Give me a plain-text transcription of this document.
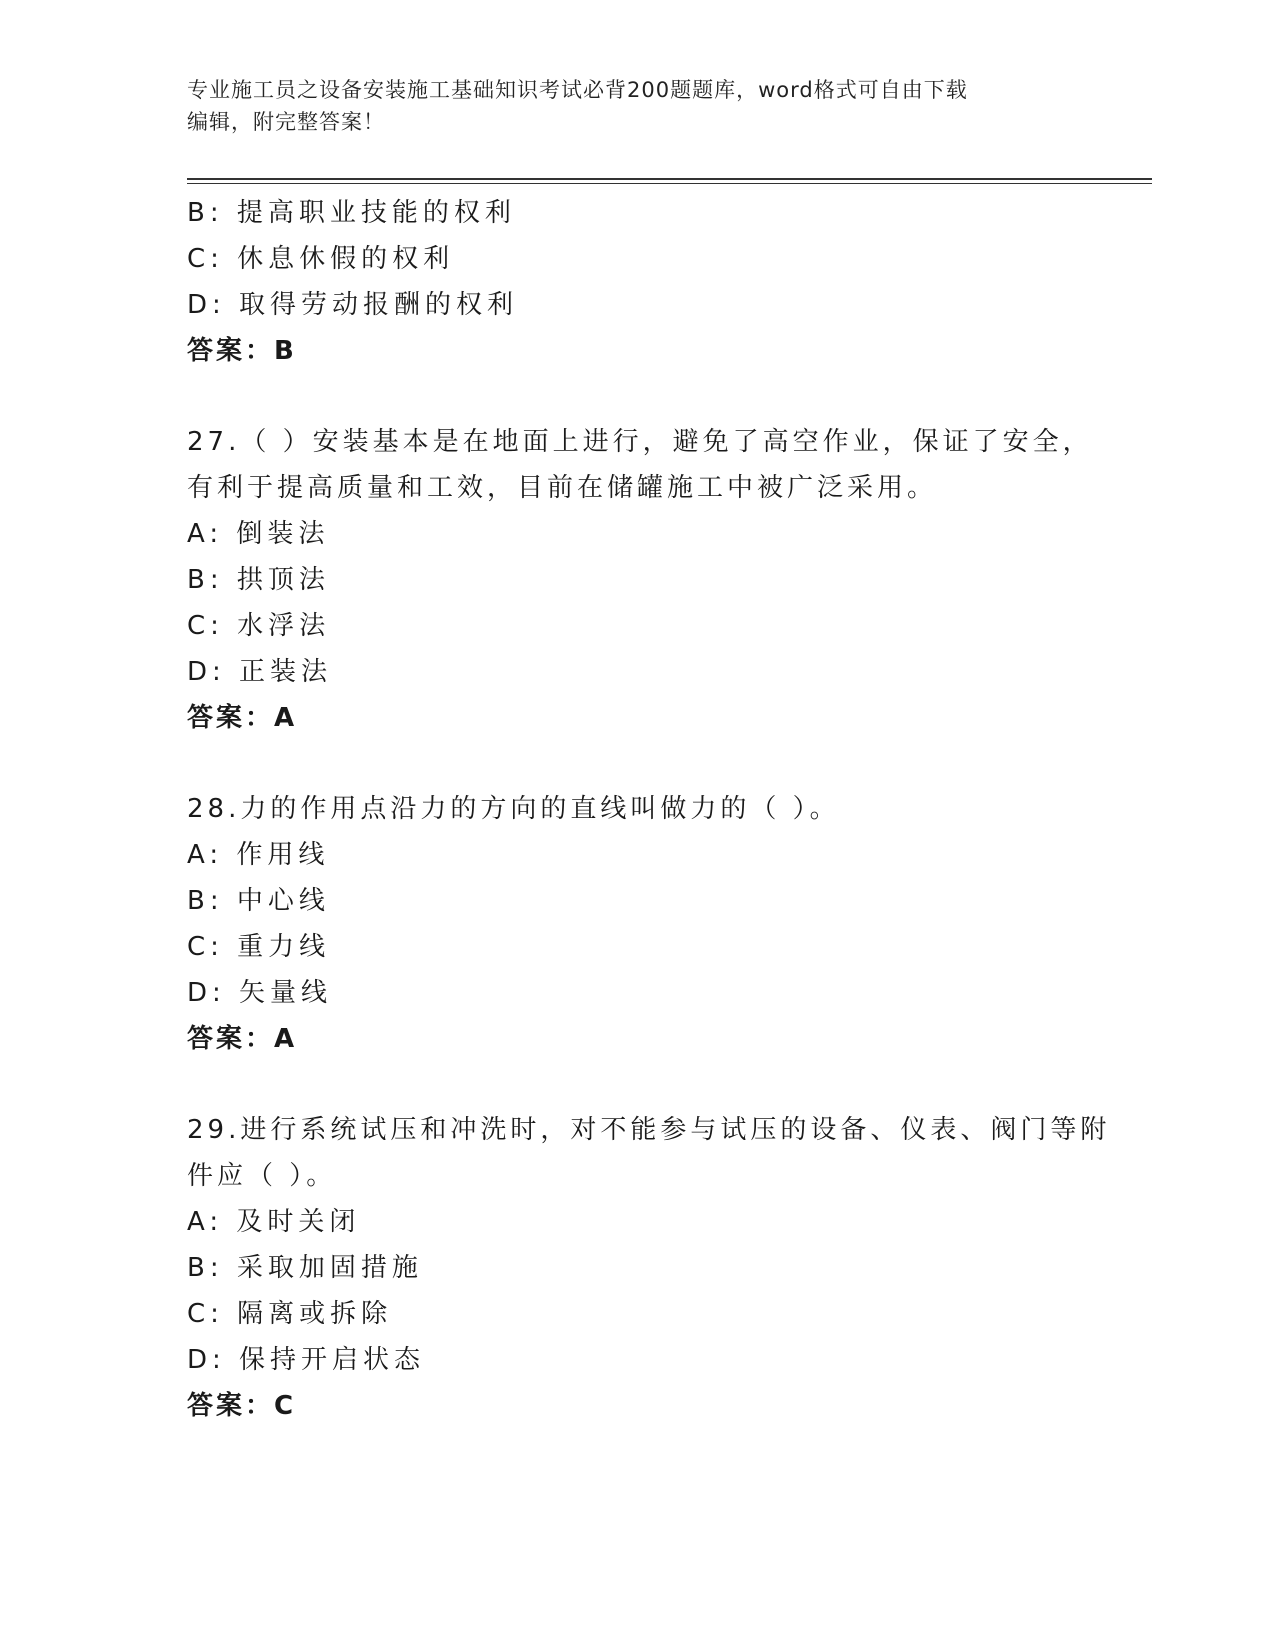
专业施工员之设备安装施工基础知识考试必背200题题库，word格式可自由下载
编辑，附完整答案！
B: 提高职业技能的权利
C: 休息休假的权利
D: 取得劳动报酬的权利
答案：B
27.（ ）安装基本是在地面上进行，避免了高空作业，保证了安全，
有利于提高质量和工效，目前在储罐施工中被广泛采用。
A: 倒装法
B: 拱顶法
C: 水浮法
D: 正装法
答案：A
28.力的作用点沿力的方向的直线叫做力的（ ）。
A: 作用线
B: 中心线
C: 重力线
D: 矢量线
答案：A
29.进行系统试压和冲洗时，对不能参与试压的设备、仪表、阀门等附
件应（ ）。
A: 及时关闭
B: 采取加固措施
C: 隔离或拆除
D: 保持开启状态
答案：C
